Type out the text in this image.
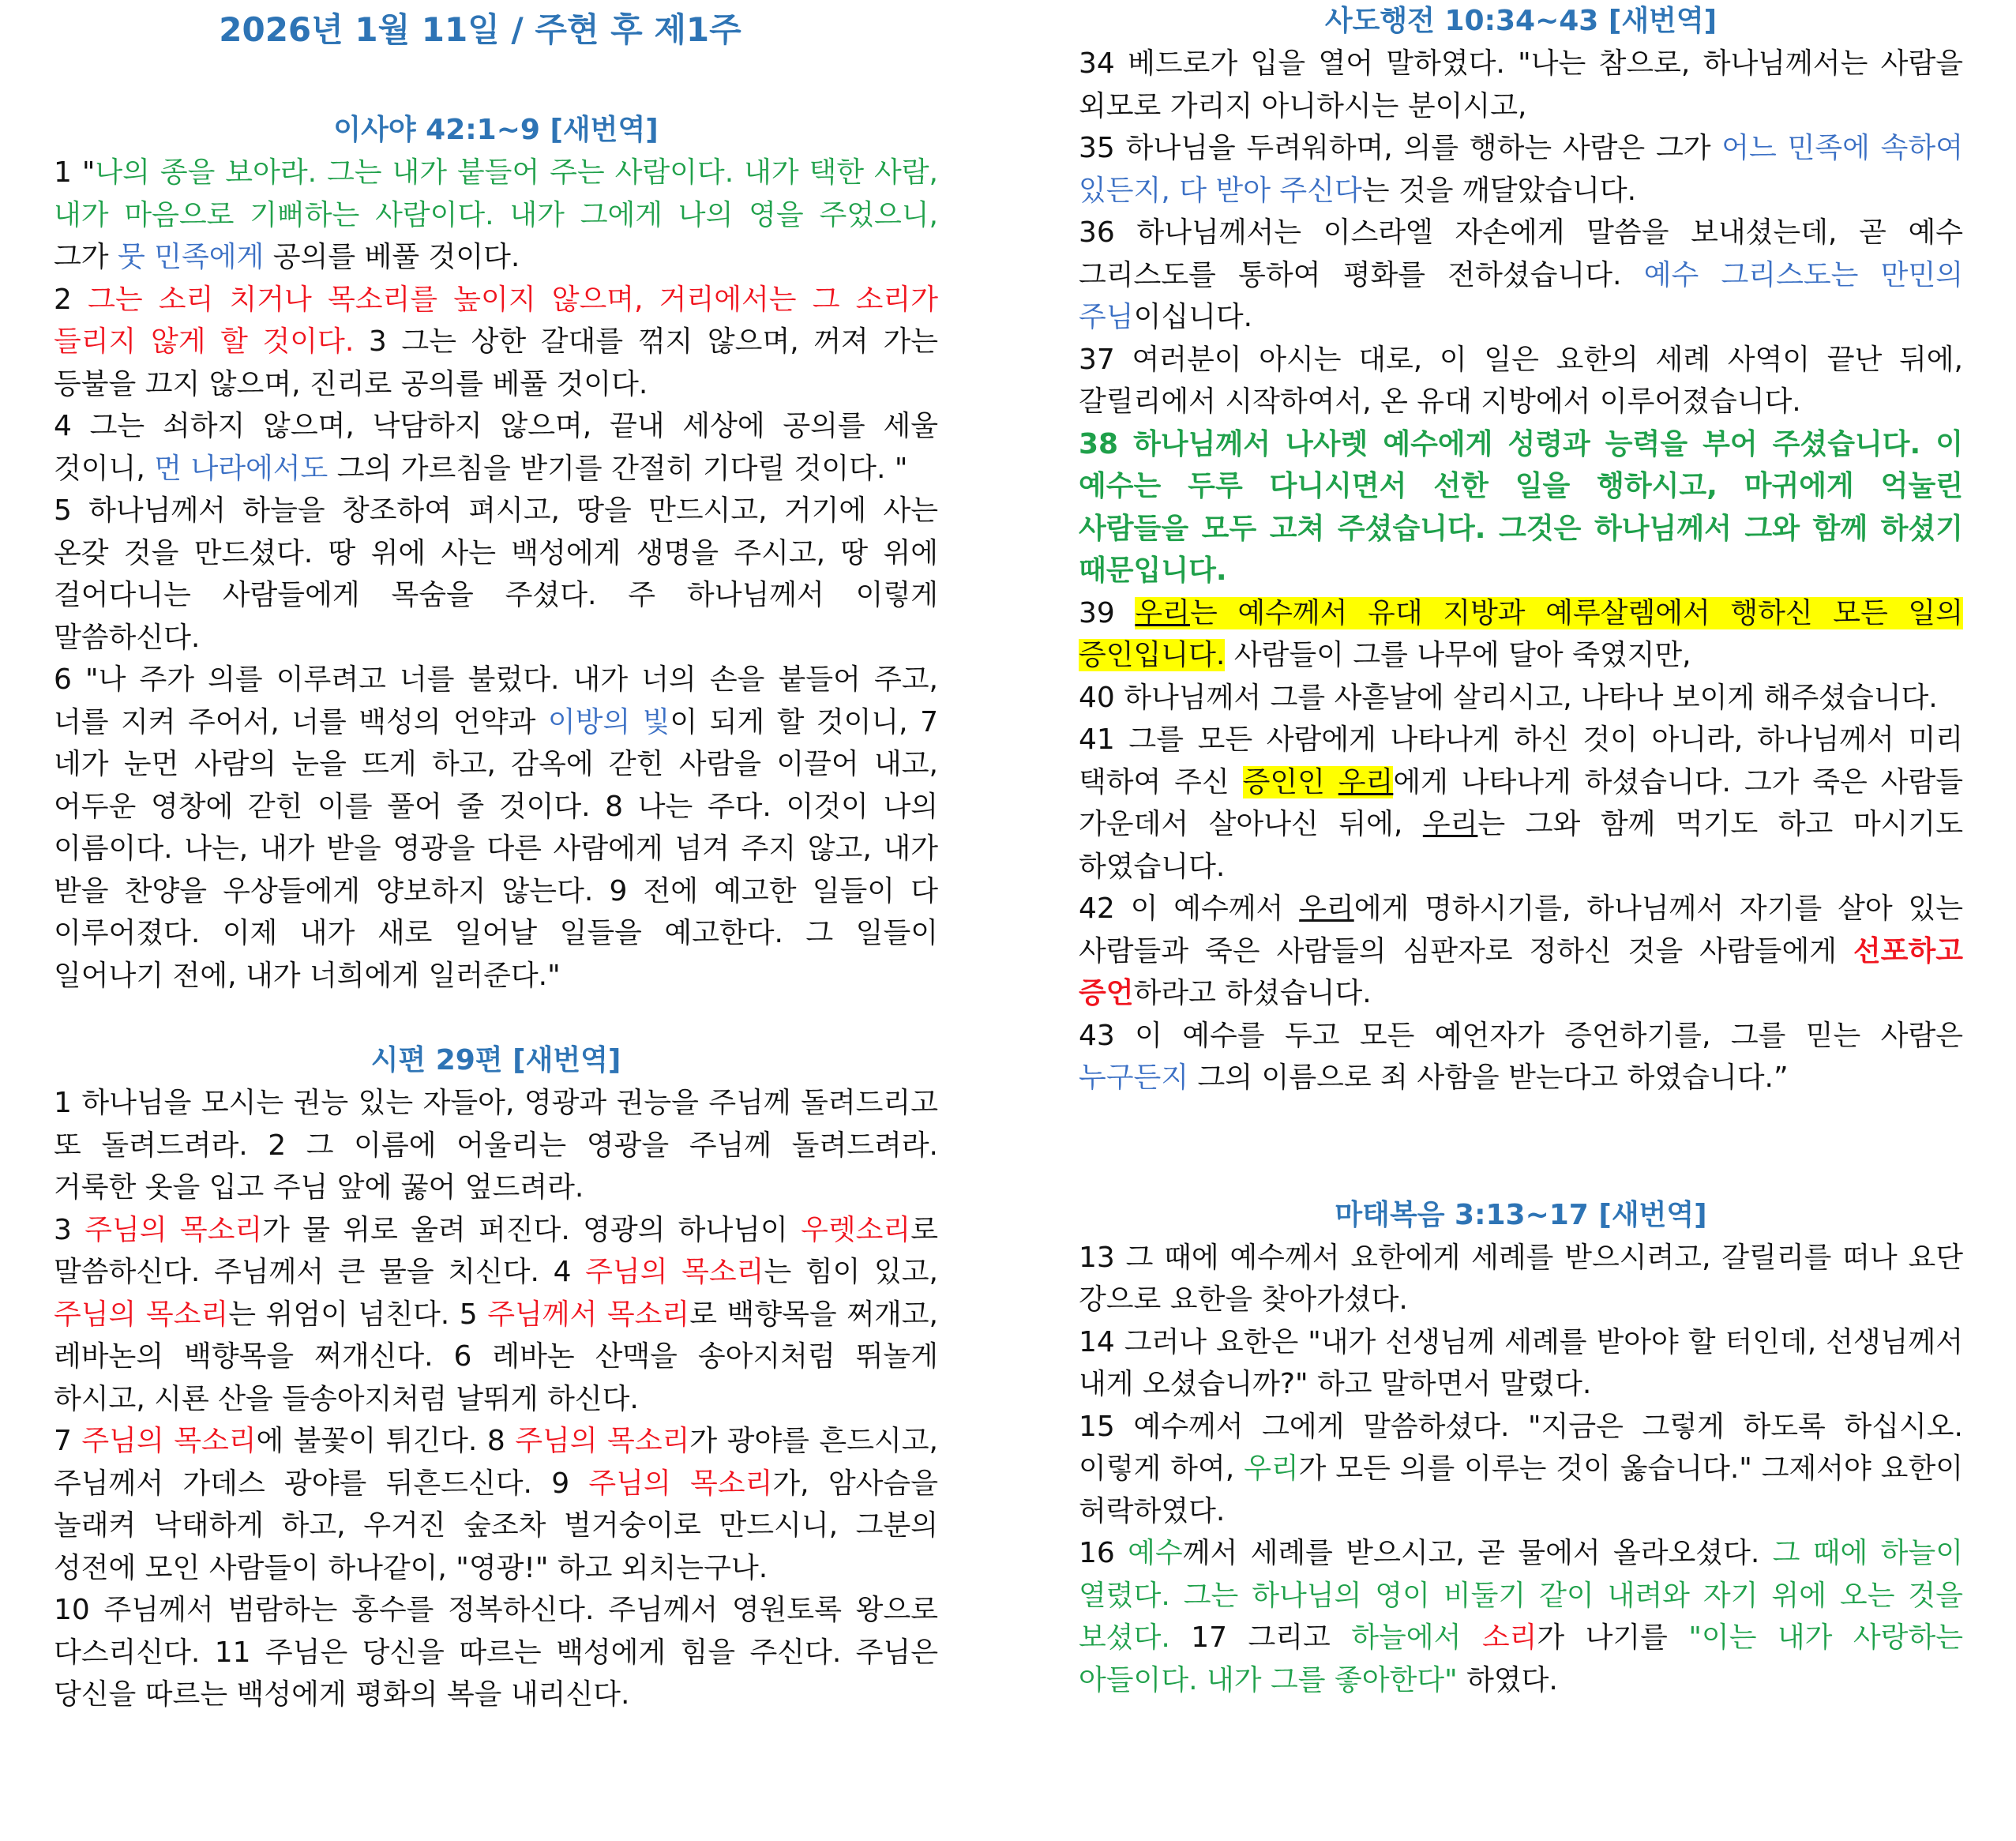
2026년 1월 11일 / 주현 후 제1주
이사야 42:1~9 [새번역]
1 "나의 종을 보아라. 그는 내가 붙들어 주는 사람이다. 내가 택한 사람, 내가 마음으로 기뻐하는 사람이다. 내가 그에게 나의 영을 주었으니, 그가 뭇 민족에게 공의를 베풀 것이다.
2 그는 소리 치거나 목소리를 높이지 않으며, 거리에서는 그 소리가 들리지 않게 할 것이다. 3 그는 상한 갈대를 꺾지 않으며, 꺼져 가는 등불을 끄지 않으며, 진리로 공의를 베풀 것이다.
4 그는 쇠하지 않으며, 낙담하지 않으며, 끝내 세상에 공의를 세울 것이니, 먼 나라에서도 그의 가르침을 받기를 간절히 기다릴 것이다. "
5 하나님께서 하늘을 창조하여 펴시고, 땅을 만드시고, 거기에 사는 온갖 것을 만드셨다. 땅 위에 사는 백성에게 생명을 주시고, 땅 위에 걸어다니는 사람들에게 목숨을 주셨다. 주 하나님께서 이렇게 말씀하신다.
6 "나 주가 의를 이루려고 너를 불렀다. 내가 너의 손을 붙들어 주고, 너를 지켜 주어서, 너를 백성의 언약과 이방의 빛이 되게 할 것이니, 7 네가 눈먼 사람의 눈을 뜨게 하고, 감옥에 갇힌 사람을 이끌어 내고, 어두운 영창에 갇힌 이를 풀어 줄 것이다. 8 나는 주다. 이것이 나의 이름이다. 나는, 내가 받을 영광을 다른 사람에게 넘겨 주지 않고, 내가 받을 찬양을 우상들에게 양보하지 않는다. 9 전에 예고한 일들이 다 이루어졌다. 이제 내가 새로 일어날 일들을 예고한다. 그 일들이 일어나기 전에, 내가 너희에게 일러준다."
시편 29편 [새번역]
1 하나님을 모시는 권능 있는 자들아, 영광과 권능을 주님께 돌려드리고 또 돌려드려라. 2 그 이름에 어울리는 영광을 주님께 돌려드려라. 거룩한 옷을 입고 주님 앞에 꿇어 엎드려라.
3 주님의 목소리가 물 위로 울려 퍼진다. 영광의 하나님이 우렛소리로 말씀하신다. 주님께서 큰 물을 치신다. 4 주님의 목소리는 힘이 있고, 주님의 목소리는 위엄이 넘친다. 5 주님께서 목소리로 백향목을 쩌개고, 레바논의 백향목을 쩌개신다. 6 레바논 산맥을 송아지처럼 뛰놀게 하시고, 시룐 산을 들송아지처럼 날뛰게 하신다.
7 주님의 목소리에 불꽃이 튀긴다. 8 주님의 목소리가 광야를 흔드시고, 주님께서 가데스 광야를 뒤흔드신다. 9 주님의 목소리가, 암사슴을 놀래켜 낙태하게 하고, 우거진 숲조차 벌거숭이로 만드시니, 그분의 성전에 모인 사람들이 하나같이, "영광!" 하고 외치는구나.
10 주님께서 범람하는 홍수를 정복하신다. 주님께서 영원토록 왕으로 다스리신다. 11 주님은 당신을 따르는 백성에게 힘을 주신다. 주님은 당신을 따르는 백성에게 평화의 복을 내리신다.
사도행전 10:34~43 [새번역]
34 베드로가 입을 열어 말하였다. "나는 참으로, 하나님께서는 사람을 외모로 가리지 아니하시는 분이시고,
35 하나님을 두려워하며, 의를 행하는 사람은 그가 어느 민족에 속하여 있든지, 다 받아 주신다는 것을 깨달았습니다.
36 하나님께서는 이스라엘 자손에게 말씀을 보내셨는데, 곧 예수 그리스도를 통하여 평화를 전하셨습니다. 예수 그리스도는 만민의 주님이십니다.
37 여러분이 아시는 대로, 이 일은 요한의 세례 사역이 끝난 뒤에, 갈릴리에서 시작하여서, 온 유대 지방에서 이루어졌습니다.
38 하나님께서 나사렛 예수에게 성령과 능력을 부어 주셨습니다. 이 예수는 두루 다니시면서 선한 일을 행하시고, 마귀에게 억눌린 사람들을 모두 고쳐 주셨습니다. 그것은 하나님께서 그와 함께 하셨기 때문입니다.
39 우리는 예수께서 유대 지방과 예루살렘에서 행하신 모든 일의 증인입니다. 사람들이 그를 나무에 달아 죽였지만,
40 하나님께서 그를 사흗날에 살리시고, 나타나 보이게 해주셨습니다.
41 그를 모든 사람에게 나타나게 하신 것이 아니라, 하나님께서 미리 택하여 주신 증인인 우리에게 나타나게 하셨습니다. 그가 죽은 사람들 가운데서 살아나신 뒤에, 우리는 그와 함께 먹기도 하고 마시기도 하였습니다.
42 이 예수께서 우리에게 명하시기를, 하나님께서 자기를 살아 있는 사람들과 죽은 사람들의 심판자로 정하신 것을 사람들에게 선포하고 증언하라고 하셨습니다.
43 이 예수를 두고 모든 예언자가 증언하기를, 그를 믿는 사람은 누구든지 그의 이름으로 죄 사함을 받는다고 하였습니다.”
마태복음 3:13~17 [새번역]
13 그 때에 예수께서 요한에게 세례를 받으시려고, 갈릴리를 떠나 요단 강으로 요한을 찾아가셨다.
14 그러나 요한은 "내가 선생님께 세례를 받아야 할 터인데, 선생님께서 내게 오셨습니까?" 하고 말하면서 말렸다.
15 예수께서 그에게 말씀하셨다. "지금은 그렇게 하도록 하십시오. 이렇게 하여, 우리가 모든 의를 이루는 것이 옳습니다." 그제서야 요한이 허락하였다.
16 예수께서 세례를 받으시고, 곧 물에서 올라오셨다. 그 때에 하늘이 열렸다. 그는 하나님의 영이 비둘기 같이 내려와 자기 위에 오는 것을 보셨다. 17 그리고 하늘에서 소리가 나기를 "이는 내가 사랑하는 아들이다. 내가 그를 좋아한다" 하였다.
